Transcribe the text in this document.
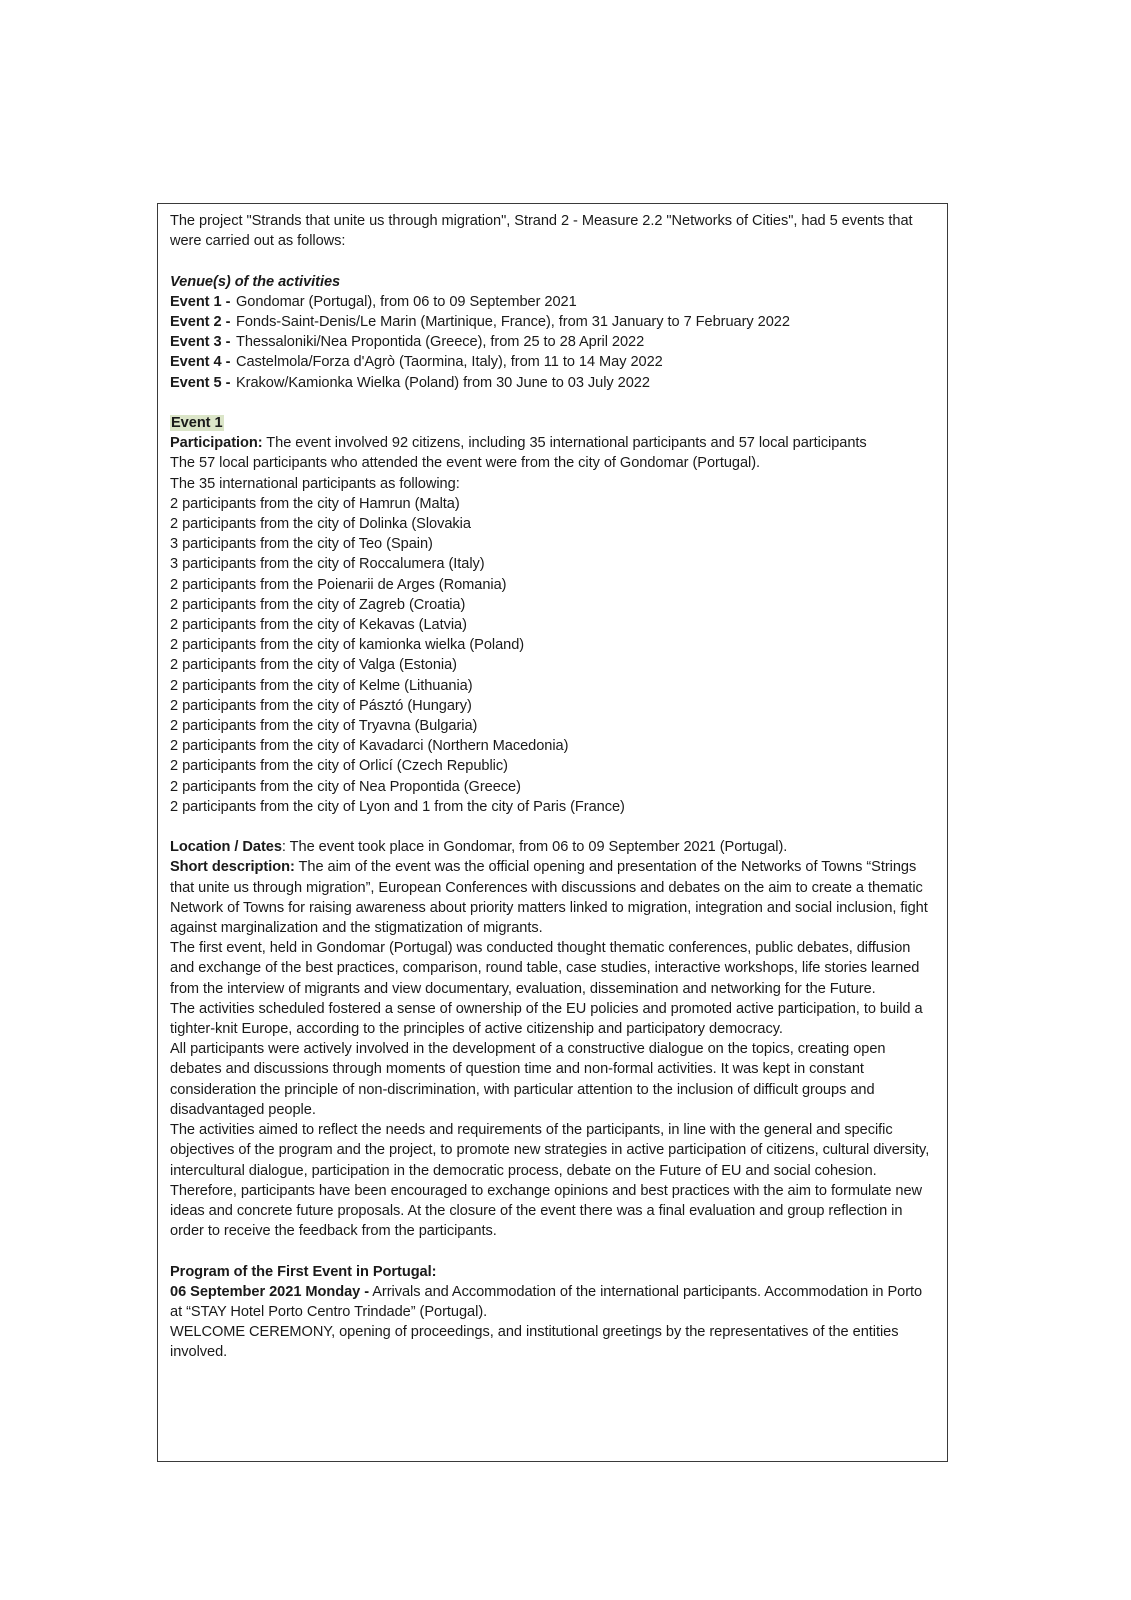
The project "Strands that unite us through migration", Strand 2 - Measure 2.2 "Networks of Cities", had 5 events that were carried out as follows:

Venue(s) of the activities

Event 1 - Gondomar (Portugal), from 06 to 09 September 2021

Event 2 - Fonds-Saint-Denis/Le Marin (Martinique, France), from 31 January to 7 February 2022

Event 3 - Thessaloniki/Nea Propontida (Greece), from 25 to 28 April 2022

Event 4 - Castelmola/Forza d'Agrò (Taormina, Italy), from 11 to 14 May 2022

Event 5 - Krakow/Kamionka Wielka (Poland) from 30 June to 03 July 2022

Event 1

Participation: The event involved 92 citizens, including 35 international participants and 57 local participants

The 57 local participants who attended the event were from the city of Gondomar (Portugal).

The 35 international participants as following:

2 participants from the city of Hamrun (Malta)

2 participants from the city of Dolinka (Slovakia

3 participants from the city of Teo (Spain)

3 participants from the city of Roccalumera (Italy)

2 participants from the Poienarii de Arges (Romania)

2 participants from the city of Zagreb (Croatia)

2 participants from the city of Kekavas (Latvia)

2 participants from the city of kamionka wielka (Poland)

2 participants from the city of Valga (Estonia)

2 participants from the city of Kelme (Lithuania)

2 participants from the city of Pásztó (Hungary)

2 participants from the city of Tryavna (Bulgaria)

2 participants from the city of Kavadarci (Northern Macedonia)

2 participants from the city of Orlicí (Czech Republic)

2 participants from the city of Nea Propontida (Greece)

2 participants from the city of Lyon and 1 from the city of Paris (France)

Location / Dates: The event took place in Gondomar, from 06 to 09 September 2021 (Portugal).

Short description: The aim of the event was the official opening and presentation of the Networks of Towns “Strings that unite us through migration”, European Conferences with discussions and debates on the aim to create a thematic Network of Towns for raising awareness about priority matters linked to migration, integration and social inclusion, fight against marginalization and the stigmatization of migrants.

The first event, held in Gondomar (Portugal) was conducted thought thematic conferences, public debates, diffusion and exchange of the best practices, comparison, round table, case studies, interactive workshops, life stories learned from the interview of migrants and view documentary, evaluation, dissemination and networking for the Future.

The activities scheduled fostered a sense of ownership of the EU policies and promoted active participation, to build a tighter-knit Europe, according to the principles of active citizenship and participatory democracy.

All participants were actively involved in the development of a constructive dialogue on the topics, creating open debates and discussions through moments of question time and non-formal activities. It was kept in constant consideration the principle of non-discrimination, with particular attention to the inclusion of difficult groups and disadvantaged people.

The activities aimed to reflect the needs and requirements of the participants, in line with the general and specific objectives of the program and the project, to promote new strategies in active participation of citizens, cultural diversity, intercultural dialogue, participation in the democratic process, debate on the Future of EU and social cohesion.

Therefore, participants have been encouraged to exchange opinions and best practices with the aim to formulate new ideas and concrete future proposals. At the closure of the event there was a final evaluation and group reflection in order to receive the feedback from the participants.

Program of the First Event in Portugal:

06 September 2021 Monday - Arrivals and Accommodation of the international participants. Accommodation in Porto at “STAY Hotel Porto Centro Trindade” (Portugal).

WELCOME CEREMONY, opening of proceedings, and institutional greetings by the representatives of the entities involved.
